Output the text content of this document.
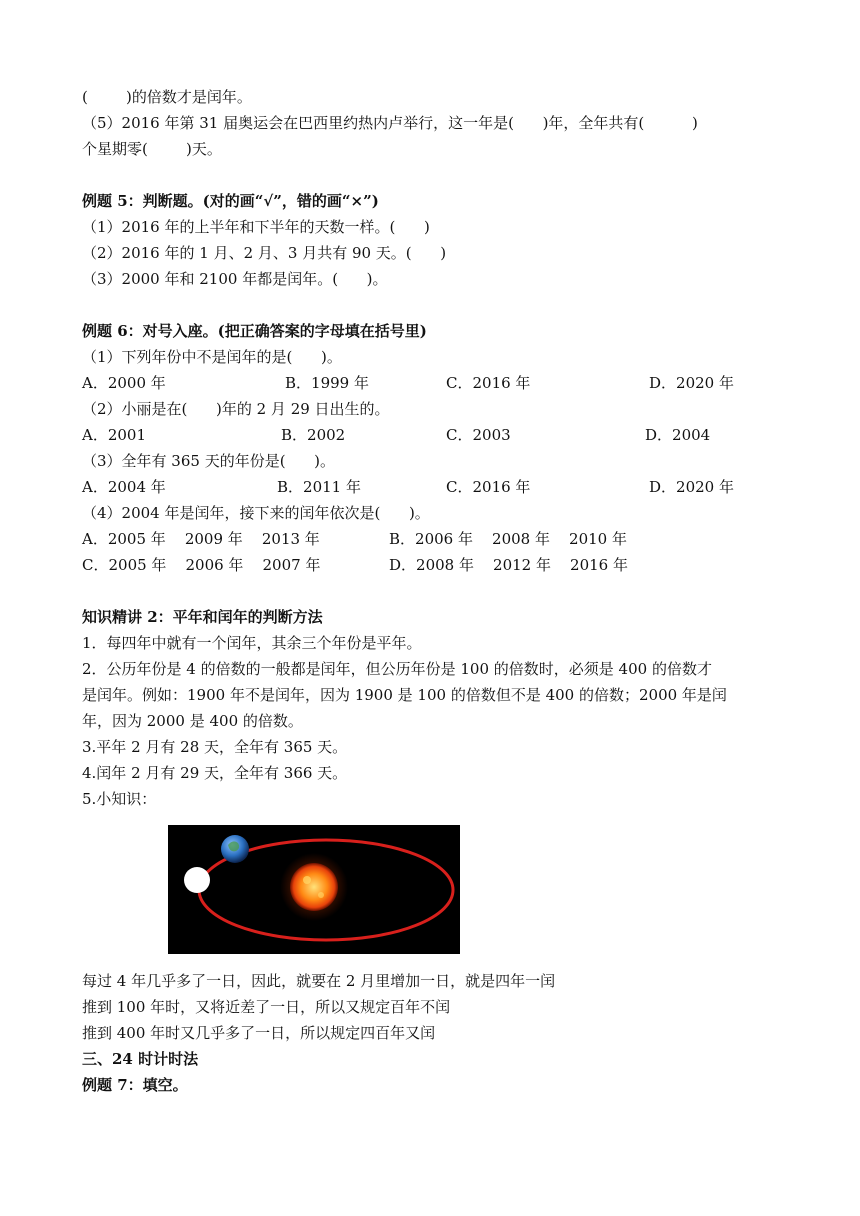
(        )的倍数才是闰年。
（5）2016 年第 31 届奥运会在巴西里约热内卢举行，这一年是(      )年，全年共有(          )
个星期零(        )天。
例题 5：判断题。(对的画“√”，错的画“×”)
（1）2016 年的上半年和下半年的天数一样。(      )
（2）2016 年的 1 月、2 月、3 月共有 90 天。(      )
（3）2000 年和 2100 年都是闰年。(      )。
例题 6：对号入座。(把正确答案的字母填在括号里)
（1）下列年份中不是闰年的是(      )。
A．2000 年	B．1999 年	C．2016 年	D．2020 年
（2）小丽是在(      )年的 2 月 29 日出生的。
A．2001	B．2002	C．2003	D．2004
（3）全年有 365 天的年份是(      )。
A．2004 年	B．2011 年	C．2016 年	D．2020 年
（4）2004 年是闰年，接下来的闰年依次是(      )。
A．2005 年    2009 年    2013 年	B．2006 年    2008 年    2010 年
C．2005 年    2006 年    2007 年	D．2008 年    2012 年    2016 年
知识精讲 2：平年和闰年的判断方法
1．每四年中就有一个闰年，其余三个年份是平年。
2．公历年份是 4 的倍数的一般都是闰年，但公历年份是 100 的倍数时，必须是 400 的倍数才
是闰年。例如：1900 年不是闰年，因为 1900 是 100 的倍数但不是 400 的倍数；2000 年是闰
年，因为 2000 是 400 的倍数。
3.平年 2 月有 28 天，全年有 365 天。
4.闰年 2 月有 29 天，全年有 366 天。
5.小知识：
每过 4 年几乎多了一日，因此，就要在 2 月里增加一日，就是四年一闰
推到 100 年时，又将近差了一日，所以又规定百年不闰
推到 400 年时又几乎多了一日，所以规定四百年又闰
三、24 时计时法
例题 7：填空。
